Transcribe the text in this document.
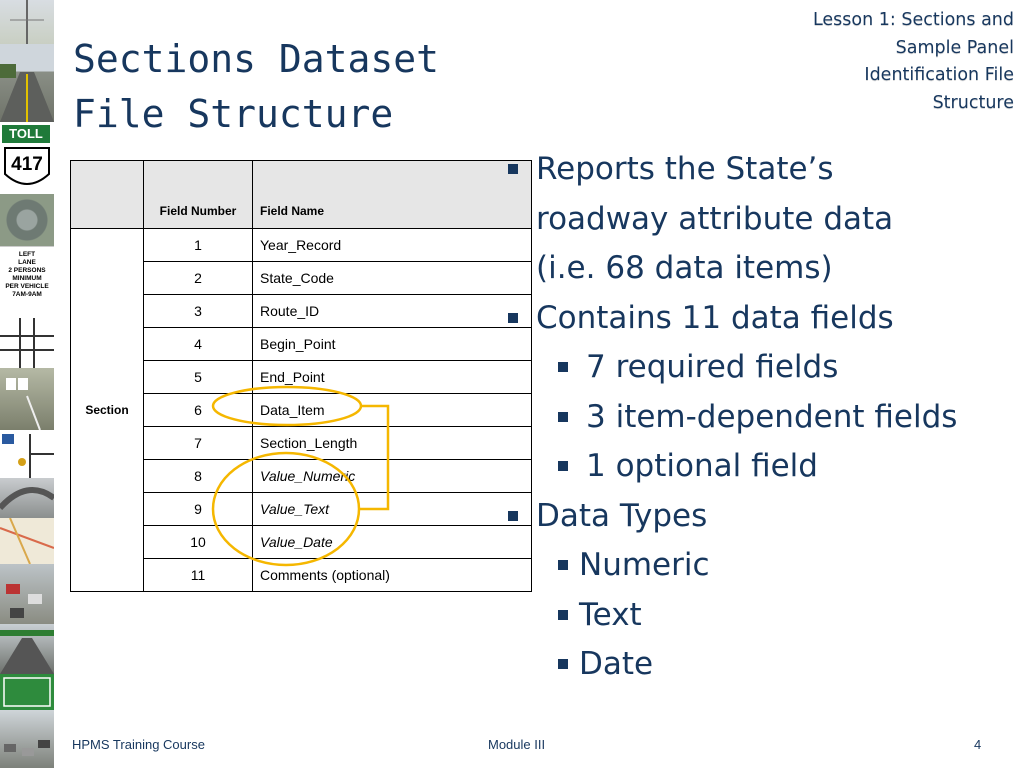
TOLL
417
LEFT
LANE
2 PERSONS
MINIMUM
PER VEHICLE
7AM-9AM
Sections Dataset
File Structure
Lesson 1: Sections and
Sample Panel
Identification File
Structure
	Field Number	Field Name
Section	1	Year_Record
	2	State_Code
	3	Route_ID
	4	Begin_Point
	5	End_Point
	6	Data_Item
	7	Section_Length
	8	Value_Numeric
	9	Value_Text
	10	Value_Date
	11	Comments (optional)
Reports the State’s
roadway attribute data
(i.e. 68 data items)
Contains 11 data fields
7 required fields
3 item-dependent fields
1 optional field
Data Types
Numeric
Text
Date
HPMS Training Course	Module III	4
